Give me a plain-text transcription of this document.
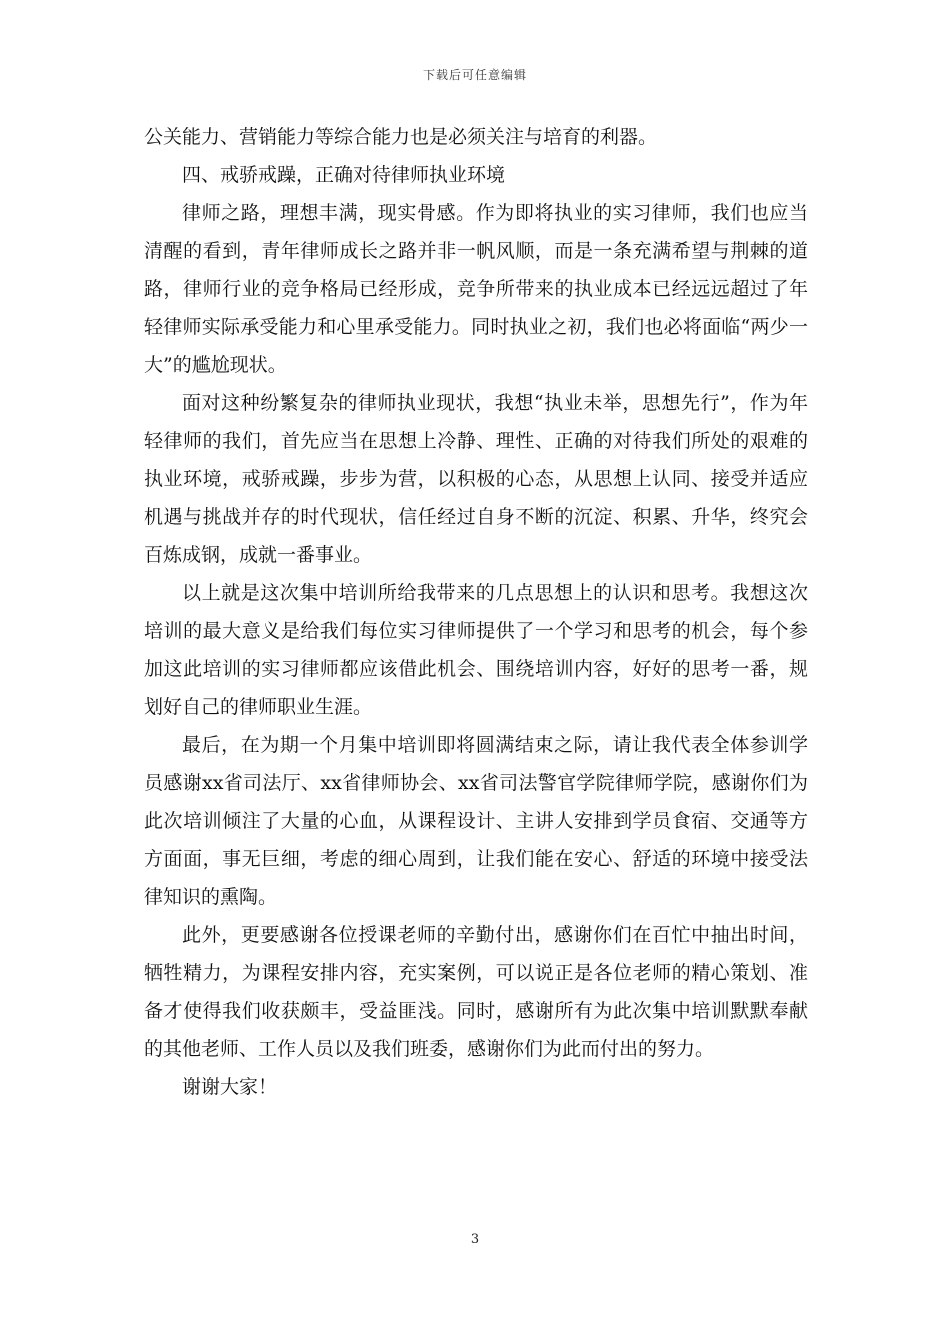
下载后可任意编辑

公关能力、营销能力等综合能力也是必须关注与培育的利器。

四、戒骄戒躁，正确对待律师执业环境

律师之路，理想丰满，现实骨感。作为即将执业的实习律师，我们也应当清醒的看到，青年律师成长之路并非一帆风顺，而是一条充满希望与荆棘的道路，律师行业的竞争格局已经形成，竞争所带来的执业成本已经远远超过了年轻律师实际承受能力和心里承受能力。同时执业之初，我们也必将面临“两少一大”的尴尬现状。

面对这种纷繁复杂的律师执业现状，我想“执业未举，思想先行”，作为年轻律师的我们，首先应当在思想上冷静、理性、正确的对待我们所处的艰难的执业环境，戒骄戒躁，步步为营，以积极的心态，从思想上认同、接受并适应机遇与挑战并存的时代现状，信任经过自身不断的沉淀、积累、升华，终究会百炼成钢，成就一番事业。

以上就是这次集中培训所给我带来的几点思想上的认识和思考。我想这次培训的最大意义是给我们每位实习律师提供了一个学习和思考的机会，每个参加这此培训的实习律师都应该借此机会、围绕培训内容，好好的思考一番，规划好自己的律师职业生涯。

最后，在为期一个月集中培训即将圆满结束之际，请让我代表全体参训学员感谢xx省司法厅、xx省律师协会、xx省司法警官学院律师学院，感谢你们为此次培训倾注了大量的心血，从课程设计、主讲人安排到学员食宿、交通等方方面面，事无巨细，考虑的细心周到，让我们能在安心、舒适的环境中接受法律知识的熏陶。

此外，更要感谢各位授课老师的辛勤付出，感谢你们在百忙中抽出时间，牺牲精力，为课程安排内容，充实案例，可以说正是各位老师的精心策划、准备才使得我们收获颇丰，受益匪浅。同时，感谢所有为此次集中培训默默奉献的其他老师、工作人员以及我们班委，感谢你们为此而付出的努力。

谢谢大家！

3
